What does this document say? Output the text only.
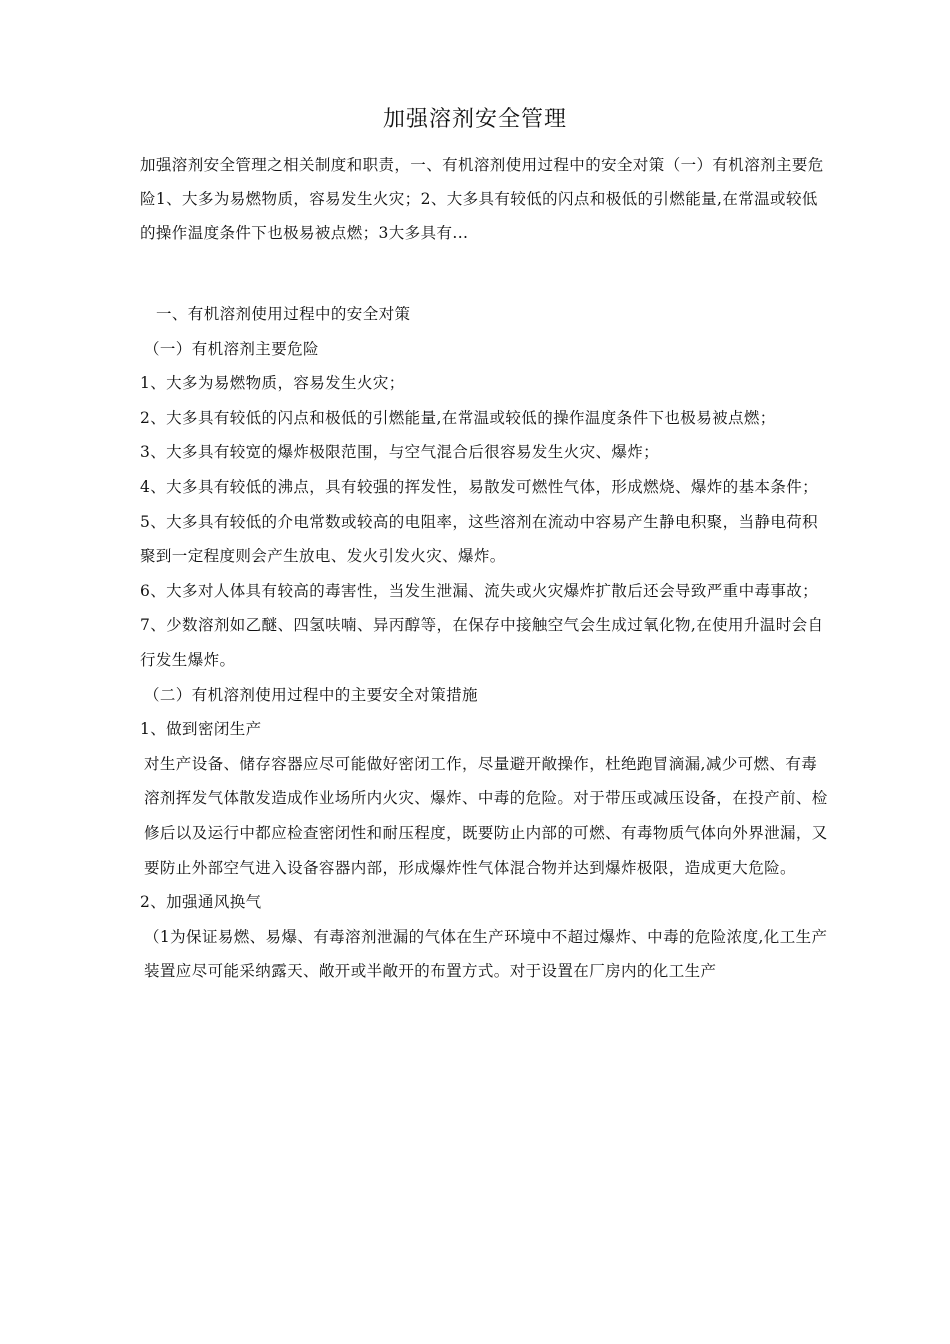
加强溶剂安全管理
加强溶剂安全管理之相关制度和职责，一、有机溶剂使用过程中的安全对策（一）有机溶剂主要危险1、大多为易燃物质，容易发生火灾；2、大多具有较低的闪点和极低的引燃能量,在常温或较低的操作温度条件下也极易被点燃；3大多具有...

一、有机溶剂使用过程中的安全对策

（一）有机溶剂主要危险

1、大多为易燃物质，容易发生火灾；

2、大多具有较低的闪点和极低的引燃能量,在常温或较低的操作温度条件下也极易被点燃；

3、大多具有较宽的爆炸极限范围，与空气混合后很容易发生火灾、爆炸；

4、大多具有较低的沸点，具有较强的挥发性，易散发可燃性气体，形成燃烧、爆炸的基本条件；

5、大多具有较低的介电常数或较高的电阻率，这些溶剂在流动中容易产生静电积聚，当静电荷积聚到一定程度则会产生放电、发火引发火灾、爆炸。

6、大多对人体具有较高的毒害性，当发生泄漏、流失或火灾爆炸扩散后还会导致严重中毒事故；

7、少数溶剂如乙醚、四氢呋喃、异丙醇等，在保存中接触空气会生成过氧化物,在使用升温时会自行发生爆炸。

（二）有机溶剂使用过程中的主要安全对策措施

1、做到密闭生产

对生产设备、储存容器应尽可能做好密闭工作，尽量避开敞操作，杜绝跑冒滴漏,减少可燃、有毒溶剂挥发气体散发造成作业场所内火灾、爆炸、中毒的危险。对于带压或减压设备，在投产前、检修后以及运行中都应检查密闭性和耐压程度，既要防止内部的可燃、有毒物质气体向外界泄漏，又要防止外部空气进入设备容器内部，形成爆炸性气体混合物并达到爆炸极限，造成更大危险。

2、加强通风换气

（1为保证易燃、易爆、有毒溶剂泄漏的气体在生产环境中不超过爆炸、中毒的危险浓度,化工生产装置应尽可能采纳露天、敞开或半敞开的布置方式。对于设置在厂房内的化工生产
